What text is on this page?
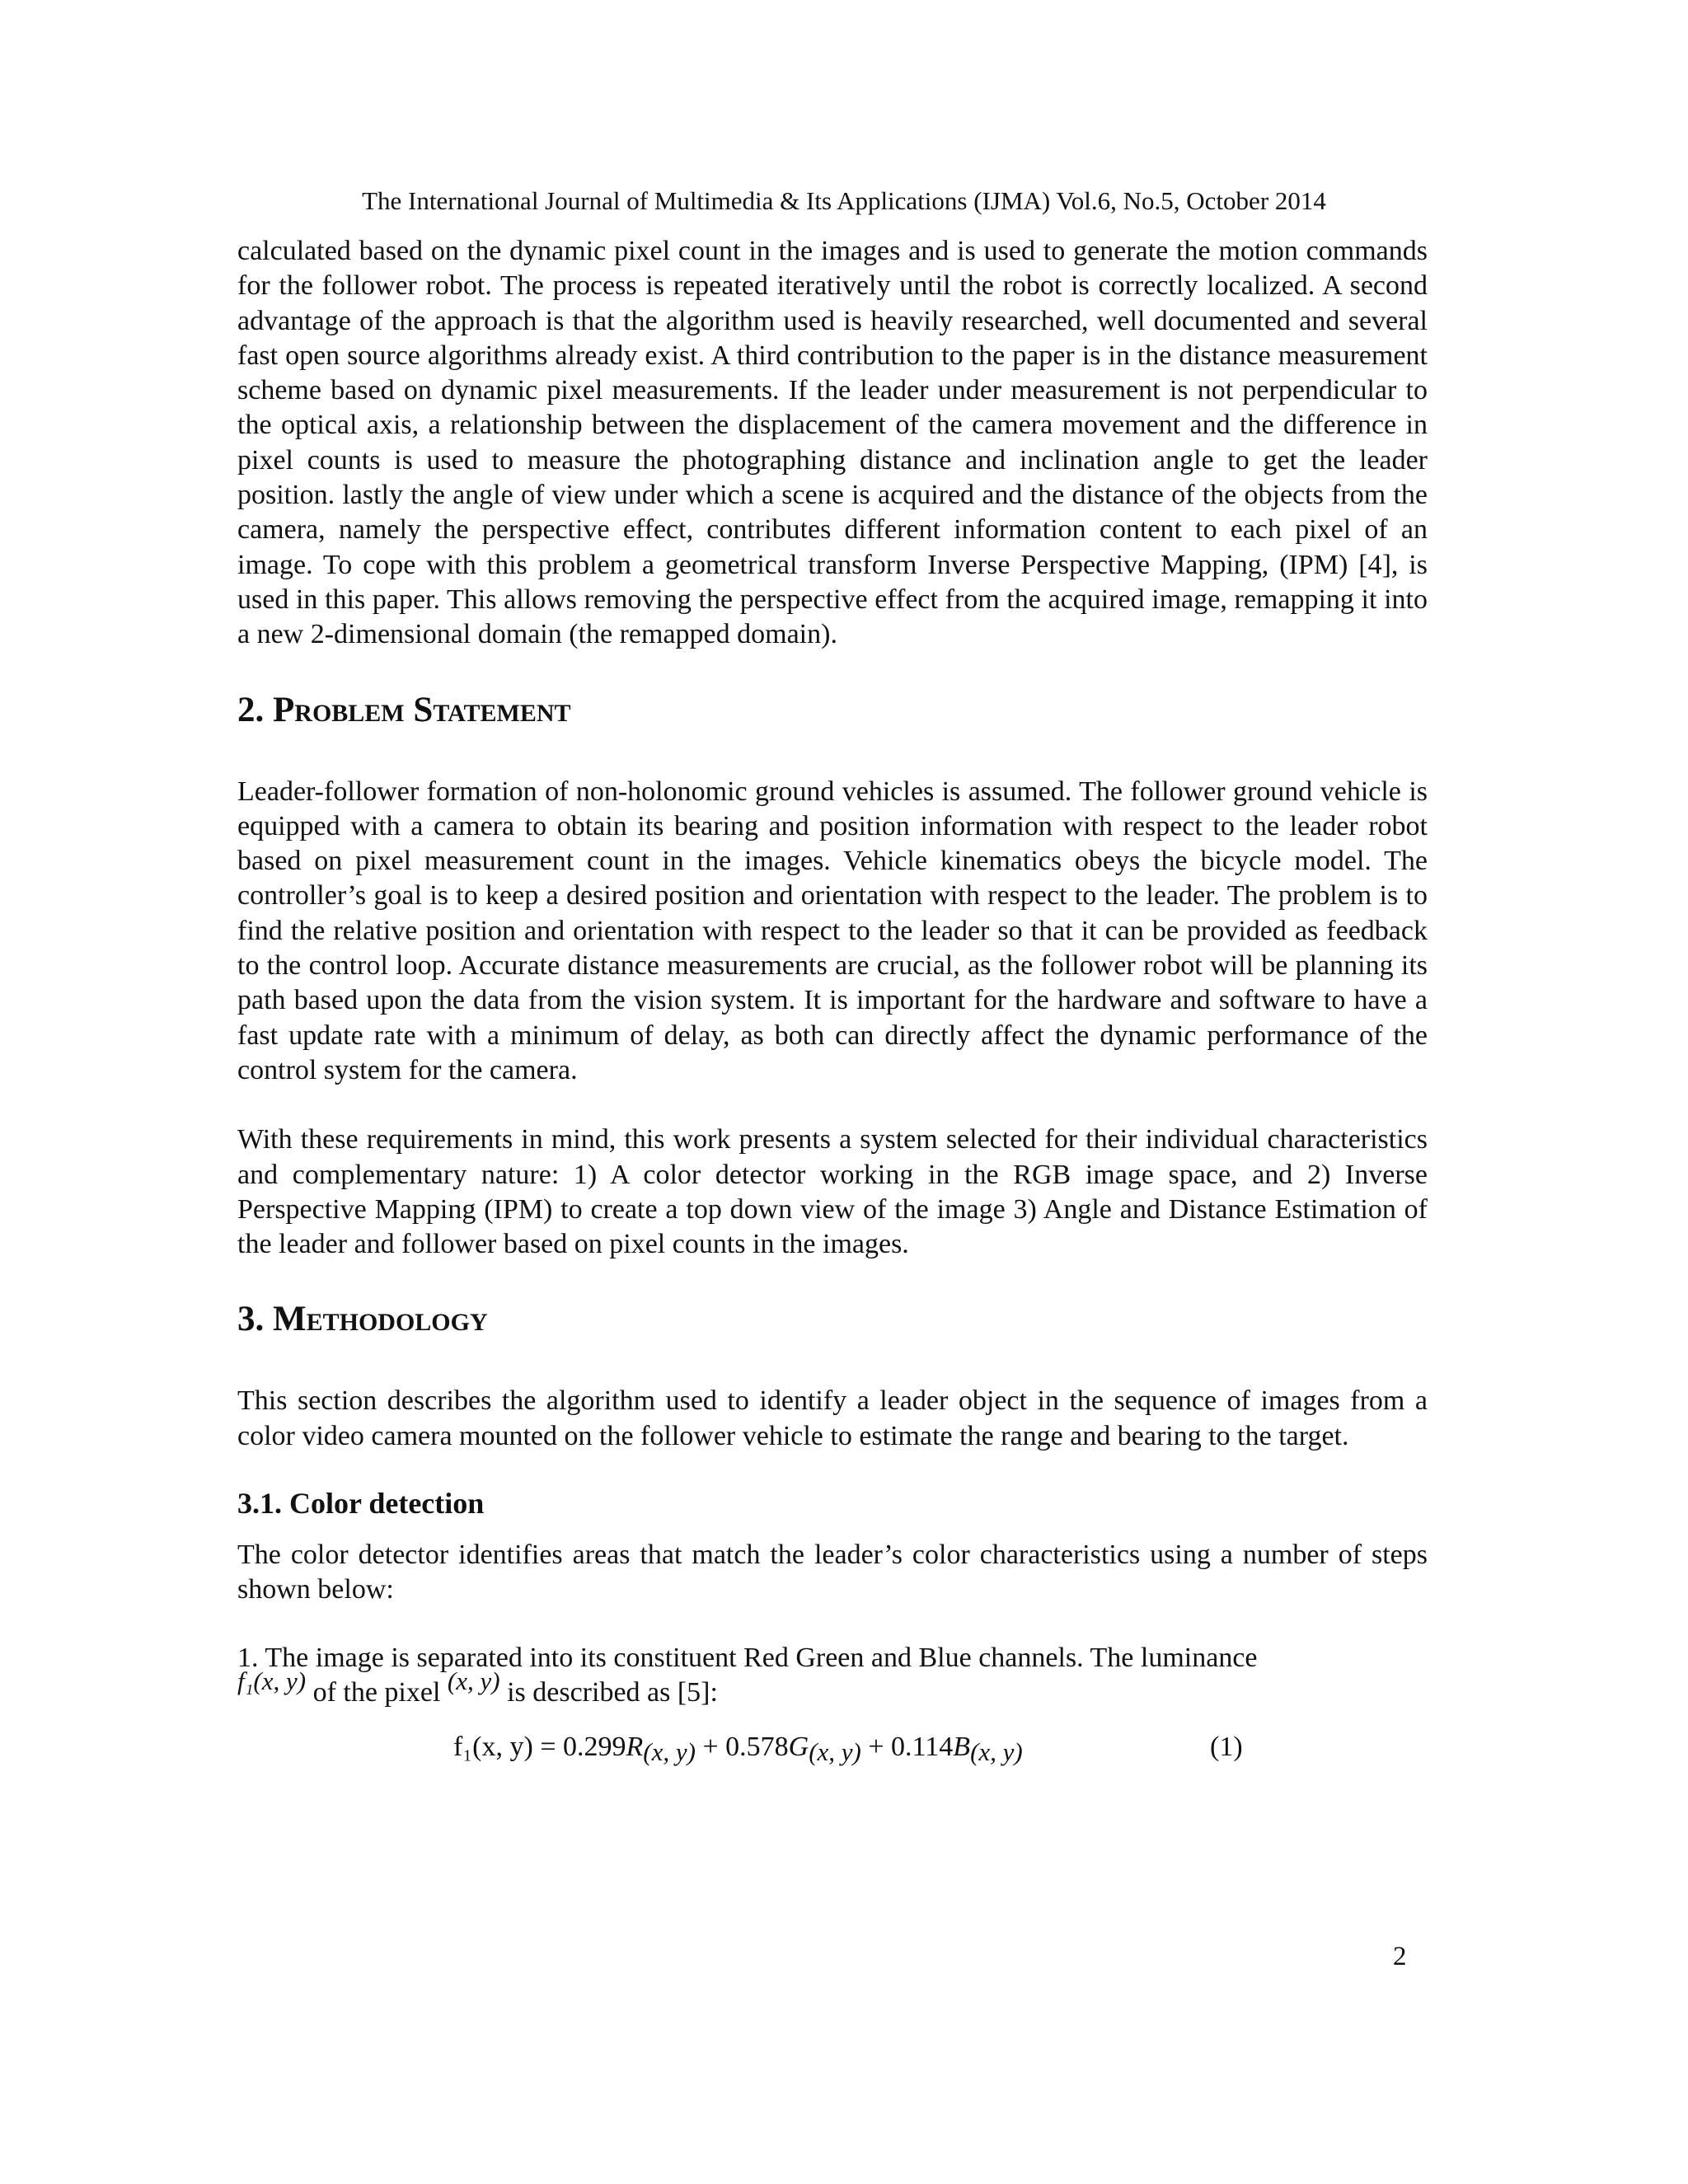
The International Journal of Multimedia & Its Applications (IJMA) Vol.6, No.5, October 2014

calculated based on the dynamic pixel count in the images and is used to generate the motion commands for the follower robot. The process is repeated iteratively until the robot is correctly localized. A second advantage of the approach is that the algorithm used is heavily researched, well documented and several fast open source algorithms already exist. A third contribution to the paper is in the distance measurement scheme based on dynamic pixel measurements. If the leader under measurement is not perpendicular to the optical axis, a relationship between the displacement of the camera movement and the difference in pixel counts is used to measure the photographing distance and inclination angle to get the leader position. lastly the angle of view under which a scene is acquired and the distance of the objects from the camera, namely the perspective effect, contributes different information content to each pixel of an image. To cope with this problem a geometrical transform Inverse Perspective Mapping, (IPM) [4], is used in this paper. This allows removing the perspective effect from the acquired image, remapping it into a new 2-dimensional domain (the remapped domain).

2. Problem Statement

Leader-follower formation of non-holonomic ground vehicles is assumed. The follower ground vehicle is equipped with a camera to obtain its bearing and position information with respect to the leader robot based on pixel measurement count in the images. Vehicle kinematics obeys the bicycle model. The controller’s goal is to keep a desired position and orientation with respect to the leader. The problem is to find the relative position and orientation with respect to the leader so that it can be provided as feedback to the control loop. Accurate distance measurements are crucial, as the follower robot will be planning its path based upon the data from the vision system. It is important for the hardware and software to have a fast update rate with a minimum of delay, as both can directly affect the dynamic performance of the control system for the camera.

With these requirements in mind, this work presents a system selected for their individual characteristics and complementary nature: 1) A color detector working in the RGB image space, and 2) Inverse Perspective Mapping (IPM) to create a top down view of the image 3) Angle and Distance Estimation of the leader and follower based on pixel counts in the images.

3. Methodology

This section describes the algorithm used to identify a leader object in the sequence of images from a color video camera mounted on the follower vehicle to estimate the range and bearing to the target.

3.1. Color detection

The color detector identifies areas that match the leader’s color characteristics using a number of steps shown below:

1. The image is separated into its constituent Red Green and Blue channels. The luminance
f₁(x, y) of the pixel (x, y) is described as [5]:

f₁(x, $y) = 0.299R_{(x, y)} + 0.578G_{(x, y)} + 0.114B_{(x, y)}$	(1)
2
